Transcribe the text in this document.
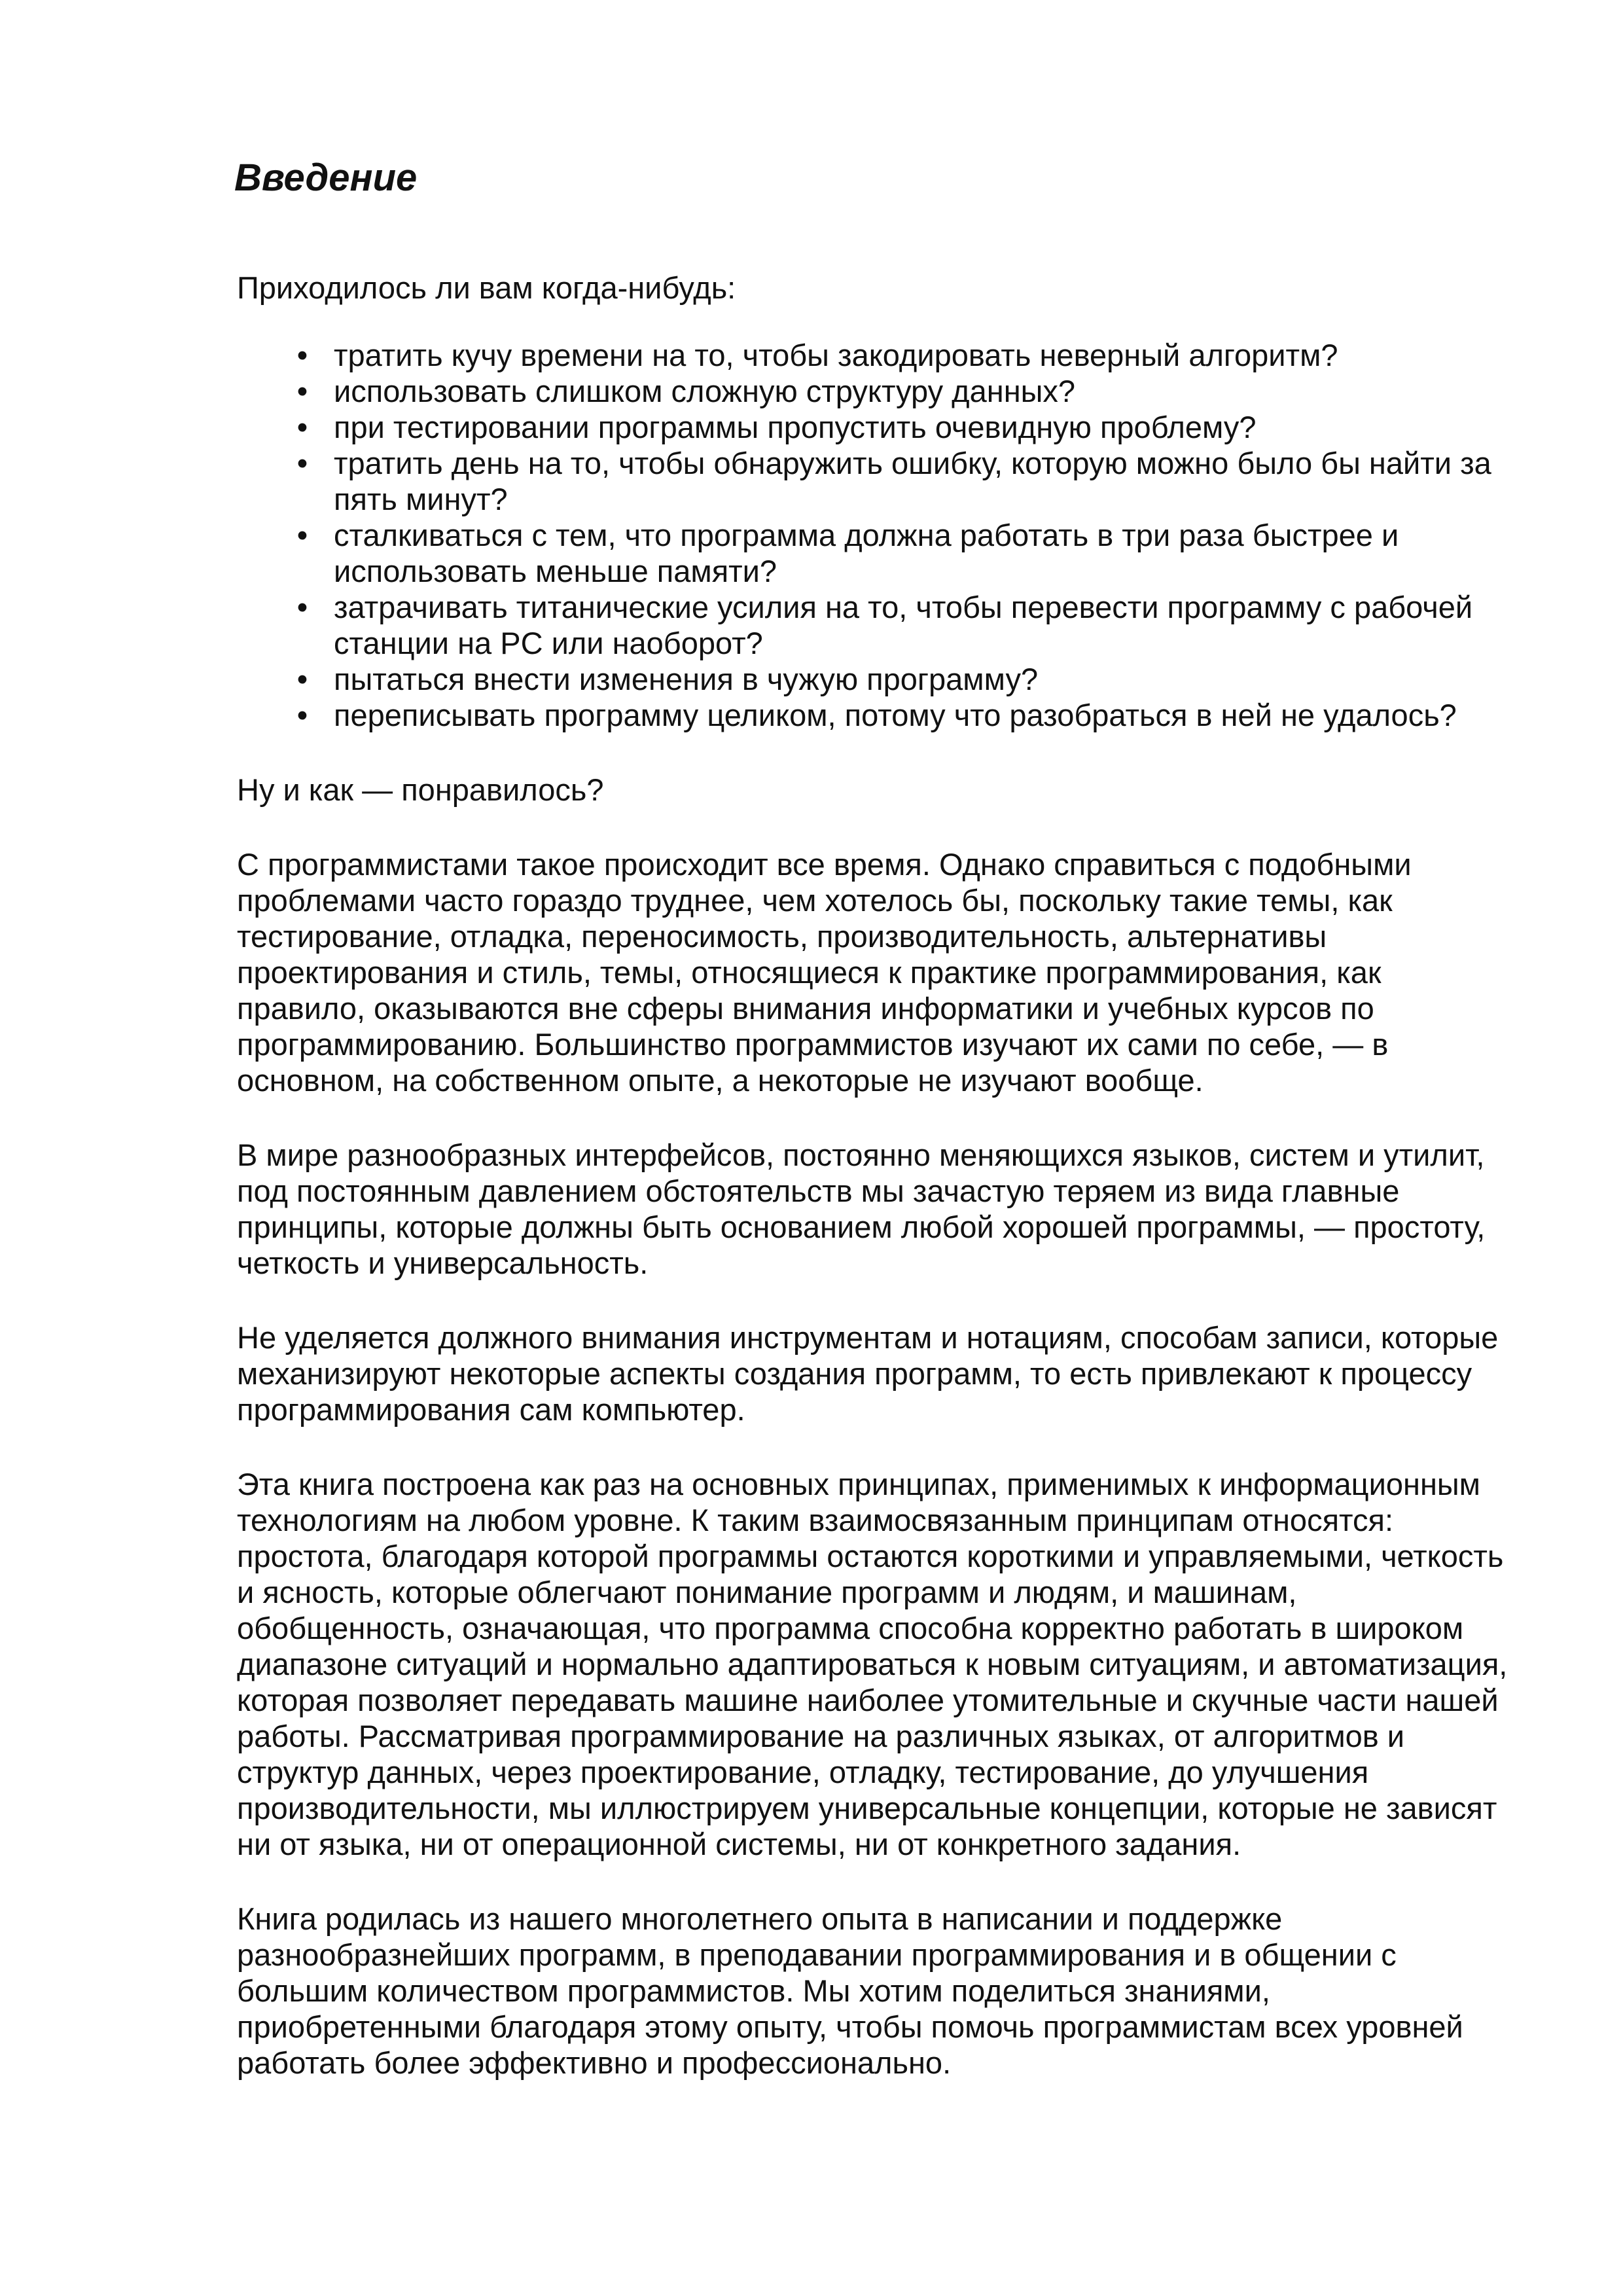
Введение

Приходилось ли вам когда-нибудь:

• тратить кучу времени на то, чтобы закодировать неверный алгоритм?
• использовать слишком сложную структуру данных?
• при тестировании программы пропустить очевидную проблему?
• тратить день на то, чтобы обнаружить ошибку, которую можно было бы найти за пять минут?
• сталкиваться с тем, что программа должна работать в три раза быстрее и использовать меньше памяти?
• затрачивать титанические усилия на то, чтобы перевести программу с рабочей станции на PC или наоборот?
• пытаться внести изменения в чужую программу?
• переписывать программу целиком, потому что разобраться в ней не удалось?

Ну и как — понравилось?

С программистами такое происходит все время. Однако справиться с подобными проблемами часто гораздо труднее, чем хотелось бы, поскольку такие темы, как тестирование, отладка, переносимость, производительность, альтернативы проектирования и стиль, темы, относящиеся к практике программирования, как правило, оказываются вне сферы внимания информатики и учебных курсов по программированию. Большинство программистов изучают их сами по себе, — в основном, на собственном опыте, а некоторые не изучают вообще.

В мире разнообразных интерфейсов, постоянно меняющихся языков, систем и утилит, под постоянным давлением обстоятельств мы зачастую теряем из вида главные принципы, которые должны быть основанием любой хорошей программы, — простоту, четкость и универсальность.

Не уделяется должного внимания инструментам и нотациям, способам записи, которые механизируют некоторые аспекты создания программ, то есть привлекают к процессу программирования сам компьютер.

Эта книга построена как раз на основных принципах, применимых к информационным технологиям на любом уровне. К таким взаимосвязанным принципам относятся: простота, благодаря которой программы остаются короткими и управляемыми, четкость и ясность, которые облегчают понимание программ и людям, и машинам, обобщенность, означающая, что программа способна корректно работать в широком диапазоне ситуаций и нормально адаптироваться к новым ситуациям, и автоматизация, которая позволяет передавать машине наиболее утомительные и скучные части нашей работы. Рассматривая программирование на различных языках, от алгоритмов и структур данных, через проектирование, отладку, тестирование, до улучшения производительности, мы иллюстрируем универсальные концепции, которые не зависят ни от языка, ни от операционной системы, ни от конкретного задания.

Книга родилась из нашего многолетнего опыта в написании и поддержке разнообразнейших программ, в преподавании программирования и в общении с большим количеством программистов. Мы хотим поделиться знаниями, приобретенными благодаря этому опыту, чтобы помочь программистам всех уровней работать более эффективно и профессионально.
